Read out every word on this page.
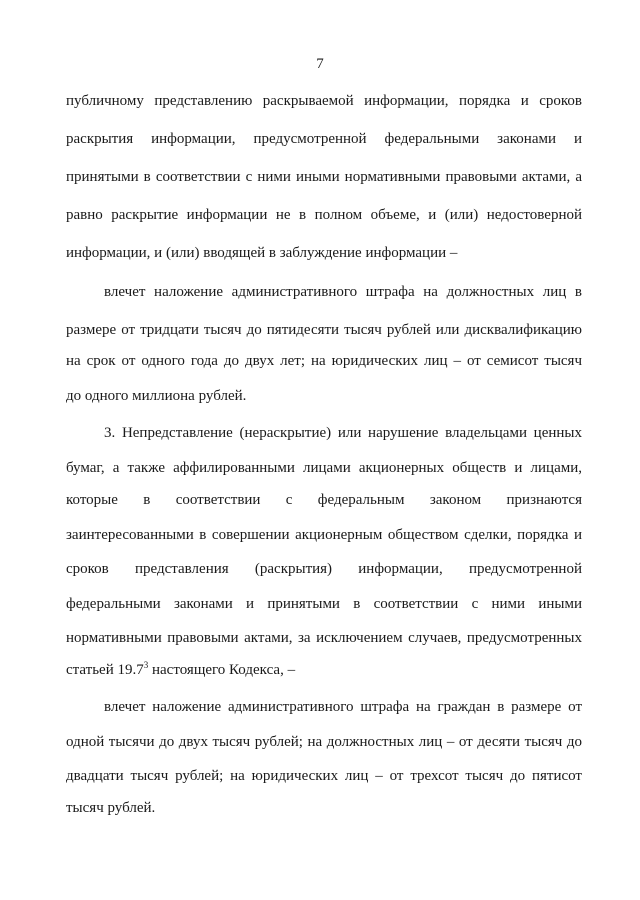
7
публичному представлению раскрываемой информации, порядка и сроков
раскрытия информации, предусмотренной федеральными законами и
принятыми в соответствии с ними иными нормативными правовыми актами, а
равно раскрытие информации не в полном объеме, и (или) недостоверной
информации, и (или) вводящей в заблуждение информации –
влечет наложение административного штрафа на должностных лиц в
размере от тридцати тысяч до пятидесяти тысяч рублей или дисквалификацию
на срок от одного года до двух лет; на юридических лиц – от семисот тысяч
до одного миллиона рублей.
3. Непредставление (нераскрытие) или нарушение владельцами ценных
бумаг, а также аффилированными лицами акционерных обществ и лицами,
которые в соответствии с федеральным законом признаются
заинтересованными в совершении акционерным обществом сделки, порядка и
сроков представления (раскрытия) информации, предусмотренной
федеральными законами и принятыми в соответствии с ними иными
нормативными правовыми актами, за исключением случаев, предусмотренных
статьей 19.7$^3$ настоящего Кодекса, –
влечет наложение административного штрафа на граждан в размере от
одной тысячи до двух тысяч рублей; на должностных лиц – от десяти тысяч до
двадцати тысяч рублей; на юридических лиц – от трехсот тысяч до пятисот
тысяч рублей.
